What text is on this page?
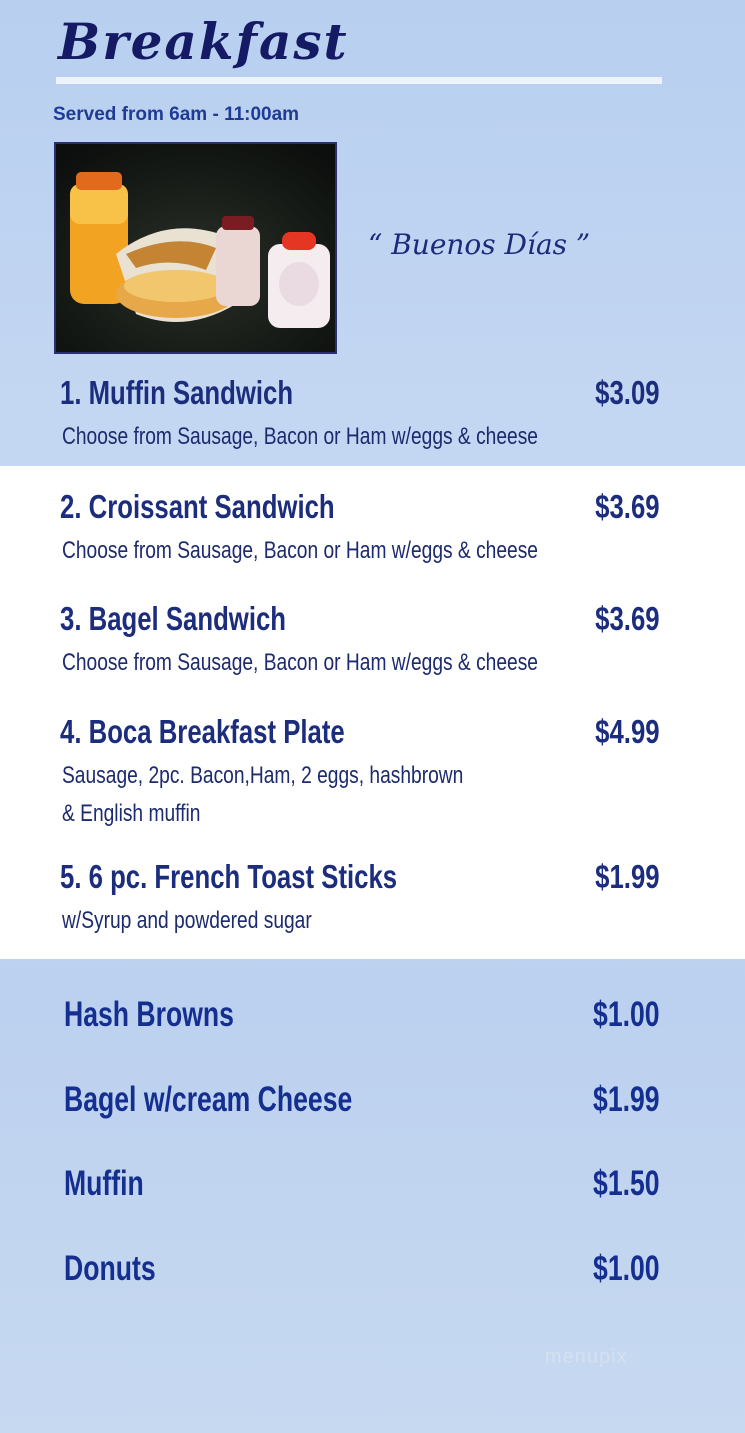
Breakfast
Served from 6am - 11:00am
“ Buenos Días ”
1. Muffin Sandwich	$3.09
Choose from Sausage, Bacon or Ham w/eggs & cheese
2. Croissant Sandwich	$3.69
Choose from Sausage, Bacon or Ham w/eggs & cheese
3. Bagel Sandwich	$3.69
Choose from Sausage, Bacon or Ham w/eggs & cheese
4. Boca Breakfast Plate	$4.99
Sausage, 2pc. Bacon,Ham, 2 eggs, hashbrown
& English muffin
5. 6 pc. French Toast Sticks	$1.99
w/Syrup and powdered sugar
Hash Browns	$1.00
Bagel w/cream Cheese	$1.99
Muffin	$1.50
Donuts	$1.00
menupix
